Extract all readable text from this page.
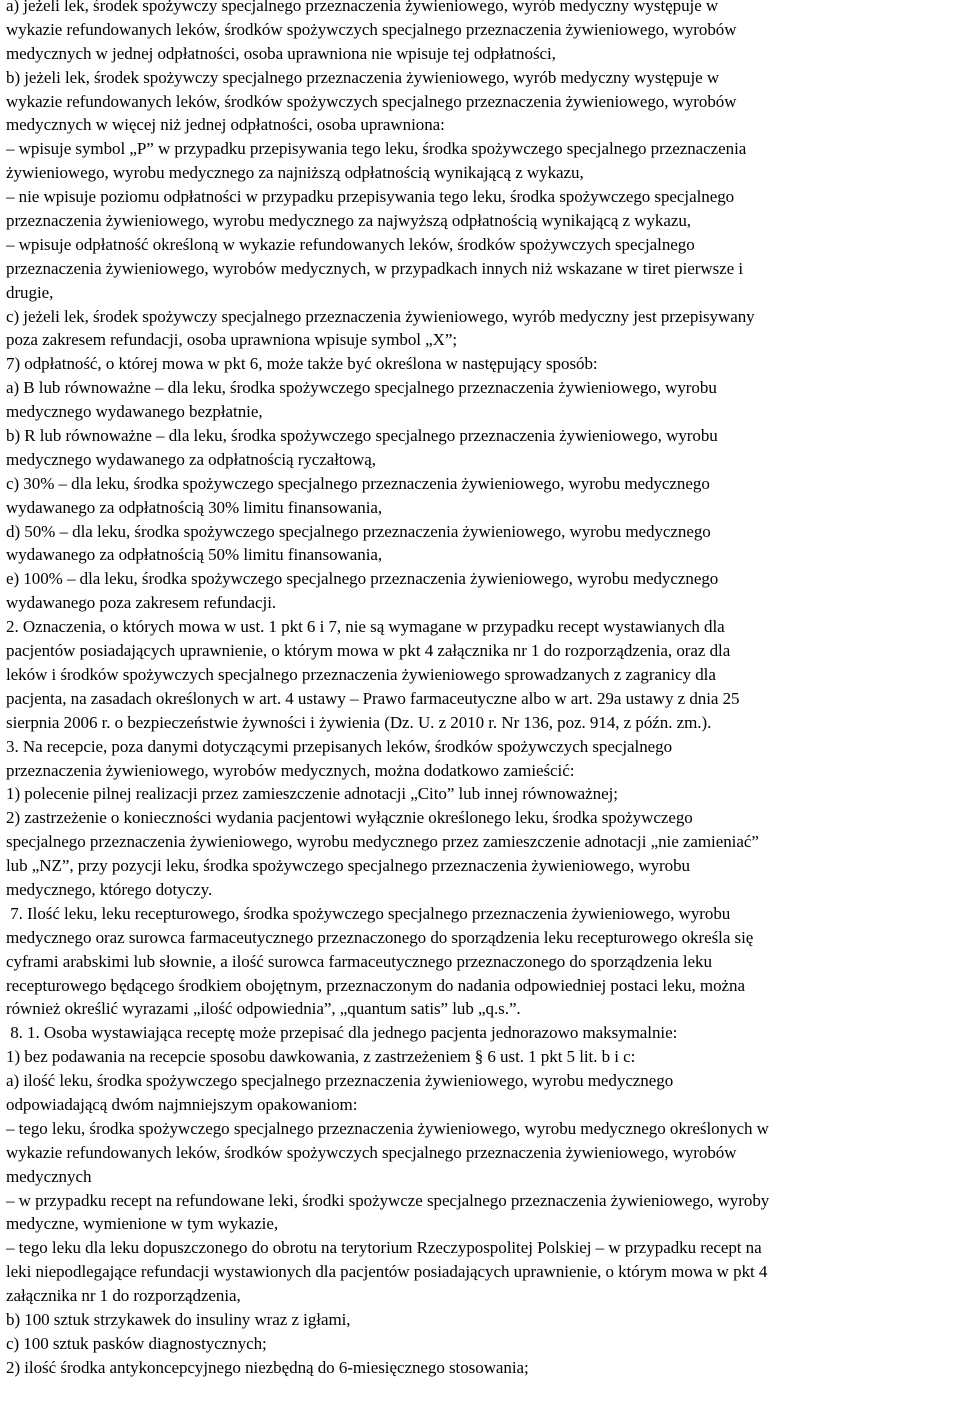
a) jeżeli lek, środek spożywczy specjalnego przeznaczenia żywieniowego, wyrób medyczny występuje w
wykazie refundowanych leków, środków spożywczych specjalnego przeznaczenia żywieniowego, wyrobów
medycznych w jednej odpłatności, osoba uprawniona nie wpisuje tej odpłatności,
b) jeżeli lek, środek spożywczy specjalnego przeznaczenia żywieniowego, wyrób medyczny występuje w
wykazie refundowanych leków, środków spożywczych specjalnego przeznaczenia żywieniowego, wyrobów
medycznych w więcej niż jednej odpłatności, osoba uprawniona:
– wpisuje symbol „P” w przypadku przepisywania tego leku, środka spożywczego specjalnego przeznaczenia
żywieniowego, wyrobu medycznego za najniższą odpłatnością wynikającą z wykazu,
– nie wpisuje poziomu odpłatności w przypadku przepisywania tego leku, środka spożywczego specjalnego
przeznaczenia żywieniowego, wyrobu medycznego za najwyższą odpłatnością wynikającą z wykazu,
– wpisuje odpłatność określoną w wykazie refundowanych leków, środków spożywczych specjalnego
przeznaczenia żywieniowego, wyrobów medycznych, w przypadkach innych niż wskazane w tiret pierwsze i
drugie,
c) jeżeli lek, środek spożywczy specjalnego przeznaczenia żywieniowego, wyrób medyczny jest przepisywany
poza zakresem refundacji, osoba uprawniona wpisuje symbol „X”;
7) odpłatność, o której mowa w pkt 6, może także być określona w następujący sposób:
a) B lub równoważne – dla leku, środka spożywczego specjalnego przeznaczenia żywieniowego, wyrobu
medycznego wydawanego bezpłatnie,
b) R lub równoważne – dla leku, środka spożywczego specjalnego przeznaczenia żywieniowego, wyrobu
medycznego wydawanego za odpłatnością ryczałtową,
c) 30% – dla leku, środka spożywczego specjalnego przeznaczenia żywieniowego, wyrobu medycznego
wydawanego za odpłatnością 30% limitu finansowania,
d) 50% – dla leku, środka spożywczego specjalnego przeznaczenia żywieniowego, wyrobu medycznego
wydawanego za odpłatnością 50% limitu finansowania,
e) 100% – dla leku, środka spożywczego specjalnego przeznaczenia żywieniowego, wyrobu medycznego
wydawanego poza zakresem refundacji.
2. Oznaczenia, o których mowa w ust. 1 pkt 6 i 7, nie są wymagane w przypadku recept wystawianych dla
pacjentów posiadających uprawnienie, o którym mowa w pkt 4 załącznika nr 1 do rozporządzenia, oraz dla
leków i środków spożywczych specjalnego przeznaczenia żywieniowego sprowadzanych z zagranicy dla
pacjenta, na zasadach określonych w art. 4 ustawy – Prawo farmaceutyczne albo w art. 29a ustawy z dnia 25
sierpnia 2006 r. o bezpieczeństwie żywności i żywienia (Dz. U. z 2010 r. Nr 136, poz. 914, z późn. zm.).
3. Na recepcie, poza danymi dotyczącymi przepisanych leków, środków spożywczych specjalnego
przeznaczenia żywieniowego, wyrobów medycznych, można dodatkowo zamieścić:
1) polecenie pilnej realizacji przez zamieszczenie adnotacji „Cito” lub innej równoważnej;
2) zastrzeżenie o konieczności wydania pacjentowi wyłącznie określonego leku, środka spożywczego
specjalnego przeznaczenia żywieniowego, wyrobu medycznego przez zamieszczenie adnotacji „nie zamieniać”
lub „NZ”, przy pozycji leku, środka spożywczego specjalnego przeznaczenia żywieniowego, wyrobu
medycznego, którego dotyczy.
7. Ilość leku, leku recepturowego, środka spożywczego specjalnego przeznaczenia żywieniowego, wyrobu
medycznego oraz surowca farmaceutycznego przeznaczonego do sporządzenia leku recepturowego określa się
cyframi arabskimi lub słownie, a ilość surowca farmaceutycznego przeznaczonego do sporządzenia leku
recepturowego będącego środkiem obojętnym, przeznaczonym do nadania odpowiedniej postaci leku, można
również określić wyrazami „ilość odpowiednia”, „quantum satis” lub „q.s.”.
8. 1. Osoba wystawiająca receptę może przepisać dla jednego pacjenta jednorazowo maksymalnie:
1) bez podawania na recepcie sposobu dawkowania, z zastrzeżeniem § 6 ust. 1 pkt 5 lit. b i c:
a) ilość leku, środka spożywczego specjalnego przeznaczenia żywieniowego, wyrobu medycznego
odpowiadającą dwóm najmniejszym opakowaniom:
– tego leku, środka spożywczego specjalnego przeznaczenia żywieniowego, wyrobu medycznego określonych w
wykazie refundowanych leków, środków spożywczych specjalnego przeznaczenia żywieniowego, wyrobów
medycznych
– w przypadku recept na refundowane leki, środki spożywcze specjalnego przeznaczenia żywieniowego, wyroby
medyczne, wymienione w tym wykazie,
– tego leku dla leku dopuszczonego do obrotu na terytorium Rzeczypospolitej Polskiej – w przypadku recept na
leki niepodlegające refundacji wystawionych dla pacjentów posiadających uprawnienie, o którym mowa w pkt 4
załącznika nr 1 do rozporządzenia,
b) 100 sztuk strzykawek do insuliny wraz z igłami,
c) 100 sztuk pasków diagnostycznych;
2) ilość środka antykoncepcyjnego niezbędną do 6-miesięcznego stosowania;
